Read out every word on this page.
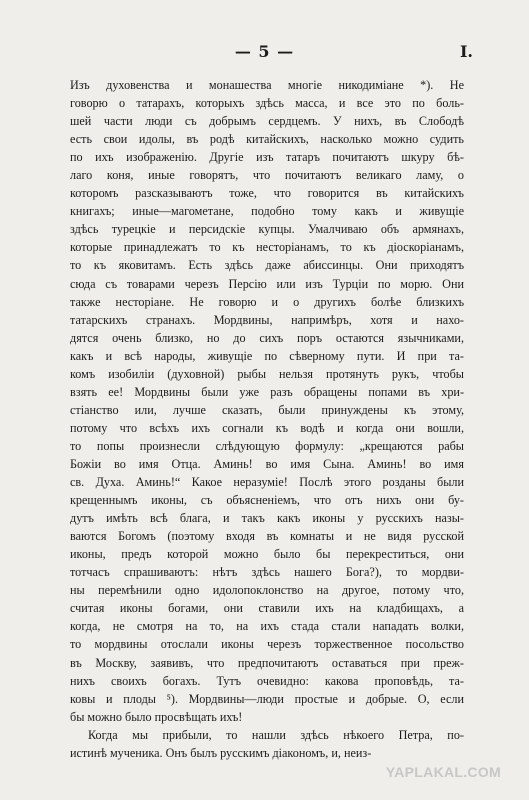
— 5 —	I.
Изъ духовенства и монашества многіе никодиміане *). Не
говорю о татарахъ, которыхъ здѣсь масса, и все это по боль-
шей части люди съ добрымъ сердцемъ. У нихъ, въ Слободѣ
есть свои идолы, въ родѣ китайскихъ, насколько можно судить
по ихъ изображенію. Другіе изъ татаръ почитаютъ шкуру бѣ-
лаго коня, иные говорятъ, что почитаютъ великаго ламу, о
которомъ разсказываютъ тоже, что говорится въ китайскихъ
книгахъ; иные—магометане, подобно тому какъ и живущіе
здѣсь турецкіе и персидскіе купцы. Умалчиваю объ армянахъ,
которые принадлежатъ то къ несторіанамъ, то къ діоскоріанамъ,
то къ яковитамъ. Есть здѣсь даже абиссинцы. Они приходятъ
сюда съ товарами черезъ Персію или изъ Турціи по морю. Они
также несторіане. Не говорю и о другихъ болѣе близкихъ
татарскихъ странахъ. Мордвины, напримѣръ, хотя и нахо-
дятся очень близко, но до сихъ поръ остаются язычниками,
какъ и всѣ народы, живущіе по сѣверному пути. И при та-
комъ изобиліи (духовной) рыбы нельзя протянуть рукъ, чтобы
взять ее! Мордвины были уже разъ обращены попами въ хри-
стіанство или, лучше сказать, были принуждены къ этому,
потому что всѣхъ ихъ согнали къ водѣ и когда они вошли,
то попы произнесли слѣдующую формулу: „крещаются рабы
Божіи во имя Отца. Аминь! во имя Сына. Аминь! во имя
св. Духа. Аминь!“ Какое неразуміе! Послѣ этого розданы были
крещеннымъ иконы, съ объясненіемъ, что отъ нихъ они бу-
дутъ имѣть всѣ блага, и такъ какъ иконы у русскихъ назы-
ваются Богомъ (поэтому входя въ комнаты и не видя русской
иконы, предъ которой можно было бы перекреститься, они
тотчасъ спрашиваютъ: нѣтъ здѣсь нашего Бога?), то мордви-
ны перемѣнили одно идолопоклонство на другое, потому что,
считая иконы богами, они ставили ихъ на кладбищахъ, а
когда, не смотря на то, на ихъ стада стали нападать волки,
то мордвины отослали иконы черезъ торжественное посольство
въ Москву, заявивъ, что предпочитаютъ оставаться при преж-
нихъ своихъ богахъ. Тутъ очевидно: какова проповѣдь, та-
ковы и плоды ⁵). Мордвины—люди простые и добрые. О, если
бы можно было просвѣщать ихъ!
Когда мы прибыли, то нашли здѣсь нѣкоего Петра, по-
истинѣ мученика. Онъ былъ русскимъ діакономъ, и, неиз-
YAPLAKAL.COM
